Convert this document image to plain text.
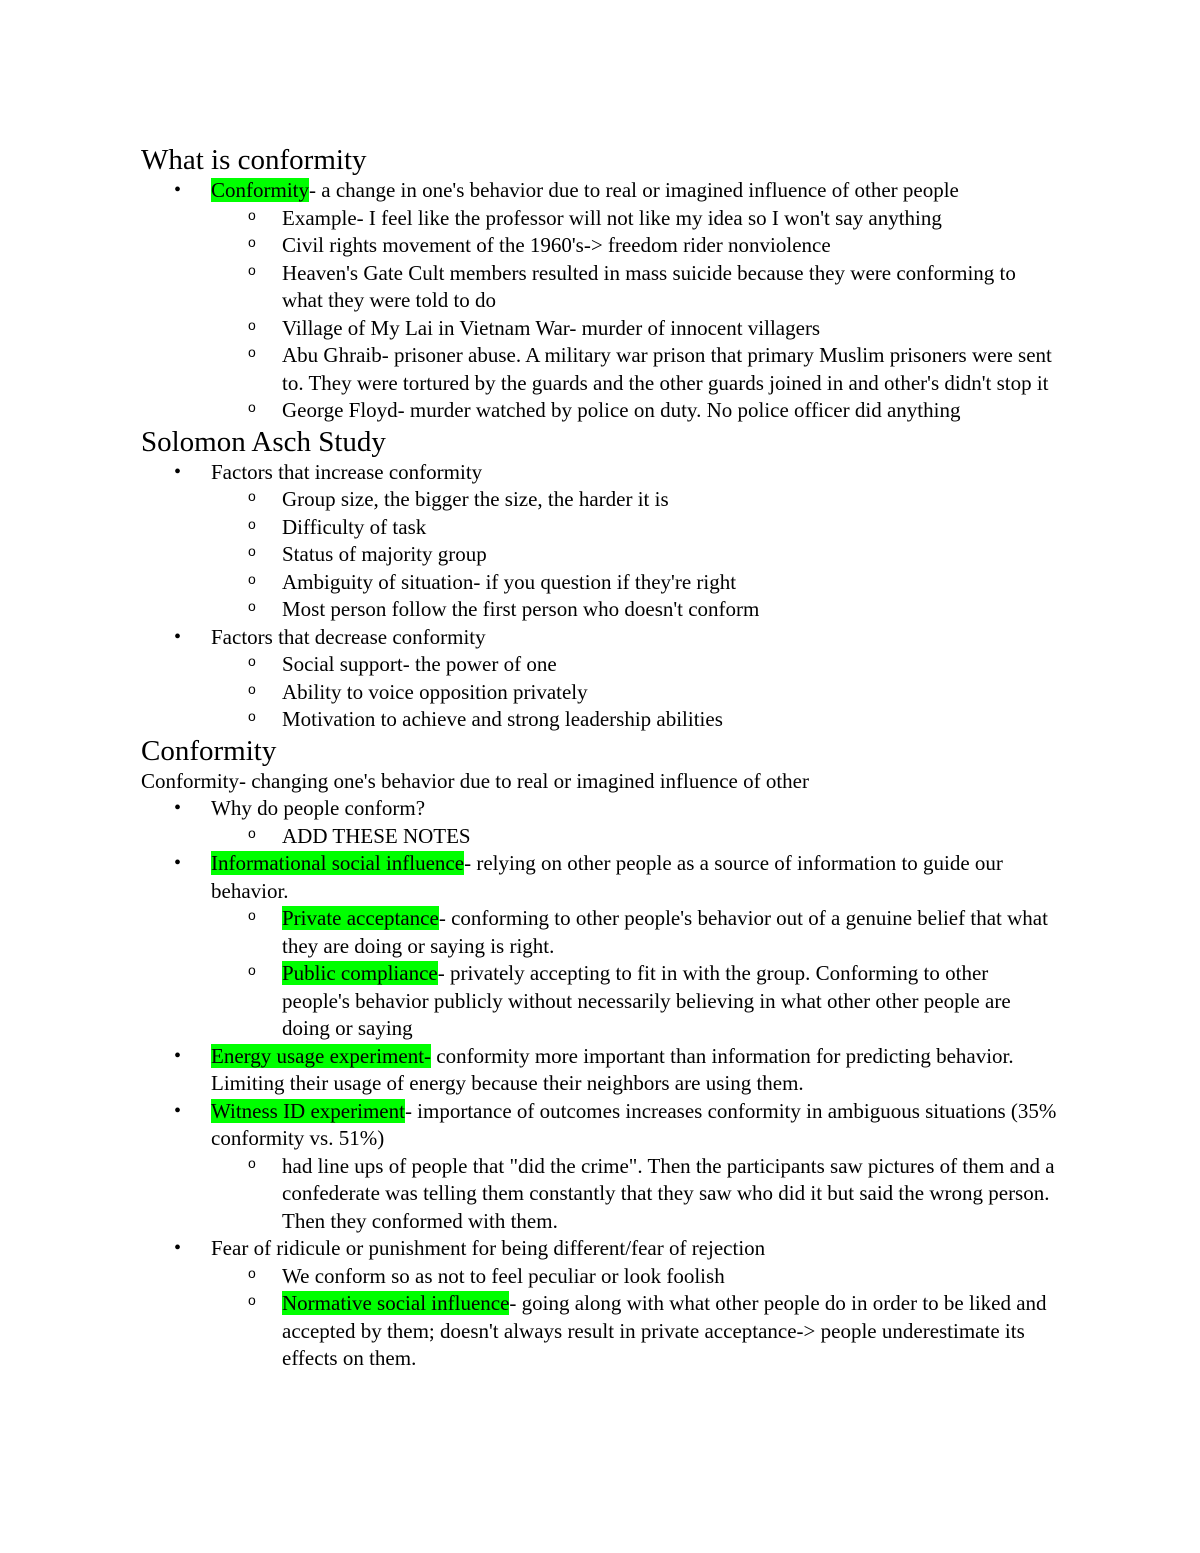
What is conformity
• Conformity- a change in one's behavior due to real or imagined influence of other people
o Example- I feel like the professor will not like my idea so I won't say anything
o Civil rights movement of the 1960's-> freedom rider nonviolence
o Heaven's Gate Cult members resulted in mass suicide because they were conforming to what they were told to do
o Village of My Lai in Vietnam War- murder of innocent villagers
o Abu Ghraib- prisoner abuse. A military war prison that primary Muslim prisoners were sent to. They were tortured by the guards and the other guards joined in and other's didn't stop it
o George Floyd- murder watched by police on duty. No police officer did anything
Solomon Asch Study
• Factors that increase conformity
o Group size, the bigger the size, the harder it is
o Difficulty of task
o Status of majority group
o Ambiguity of situation- if you question if they're right
o Most person follow the first person who doesn't conform
• Factors that decrease conformity
o Social support- the power of one
o Ability to voice opposition privately
o Motivation to achieve and strong leadership abilities
Conformity

Conformity- changing one's behavior due to real or imagined influence of other

• Why do people conform?
o ADD THESE NOTES
• Informational social influence- relying on other people as a source of information to guide our behavior.
o Private acceptance- conforming to other people's behavior out of a genuine belief that what they are doing or saying is right.
o Public compliance- privately accepting to fit in with the group. Conforming to other people's behavior publicly without necessarily believing in what other other people are doing or saying
• Energy usage experiment- conformity more important than information for predicting behavior. Limiting their usage of energy because their neighbors are using them.
• Witness ID experiment- importance of outcomes increases conformity in ambiguous situations (35% conformity vs. 51%)
o had line ups of people that "did the crime". Then the participants saw pictures of them and a confederate was telling them constantly that they saw who did it but said the wrong person. Then they conformed with them.
• Fear of ridicule or punishment for being different/fear of rejection
o We conform so as not to feel peculiar or look foolish
o Normative social influence- going along with what other people do in order to be liked and accepted by them; doesn't always result in private acceptance-> people underestimate its effects on them.
